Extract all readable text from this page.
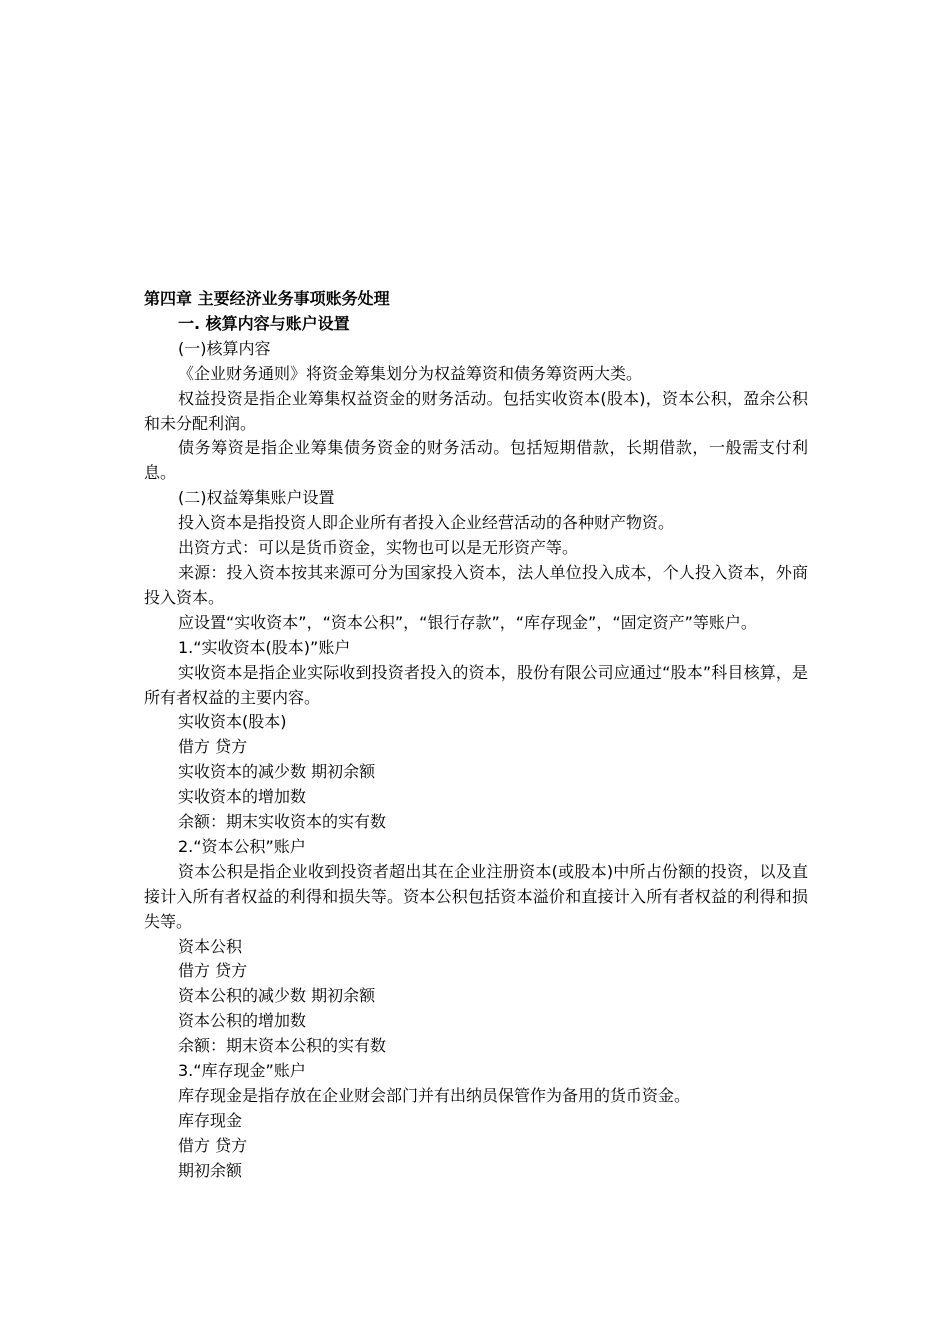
第四章 主要经济业务事项账务处理

一. 核算内容与账户设置

(一)核算内容

《企业财务通则》将资金筹集划分为权益筹资和债务筹资两大类。

权益投资是指企业筹集权益资金的财务活动。包括实收资本(股本)，资本公积，盈余公积和未分配利润。

债务筹资是指企业筹集债务资金的财务活动。包括短期借款，长期借款，一般需支付利息。

(二)权益筹集账户设置

投入资本是指投资人即企业所有者投入企业经营活动的各种财产物资。

出资方式：可以是货币资金，实物也可以是无形资产等。

来源：投入资本按其来源可分为国家投入资本，法人单位投入成本，个人投入资本，外商投入资本。

应设置“实收资本”，“资本公积”，“银行存款”，“库存现金”，“固定资产”等账户。

1.“实收资本(股本)”账户

实收资本是指企业实际收到投资者投入的资本，股份有限公司应通过“股本”科目核算，是所有者权益的主要内容。

实收资本(股本)

借方 贷方

实收资本的减少数 期初余额

实收资本的增加数

余额：期末实收资本的实有数

2.“资本公积”账户

资本公积是指企业收到投资者超出其在企业注册资本(或股本)中所占份额的投资，以及直接计入所有者权益的利得和损失等。资本公积包括资本溢价和直接计入所有者权益的利得和损失等。

资本公积

借方 贷方

资本公积的减少数 期初余额

资本公积的增加数

余额：期末资本公积的实有数

3.“库存现金”账户

库存现金是指存放在企业财会部门并有出纳员保管作为备用的货币资金。

库存现金

借方 贷方

期初余额
